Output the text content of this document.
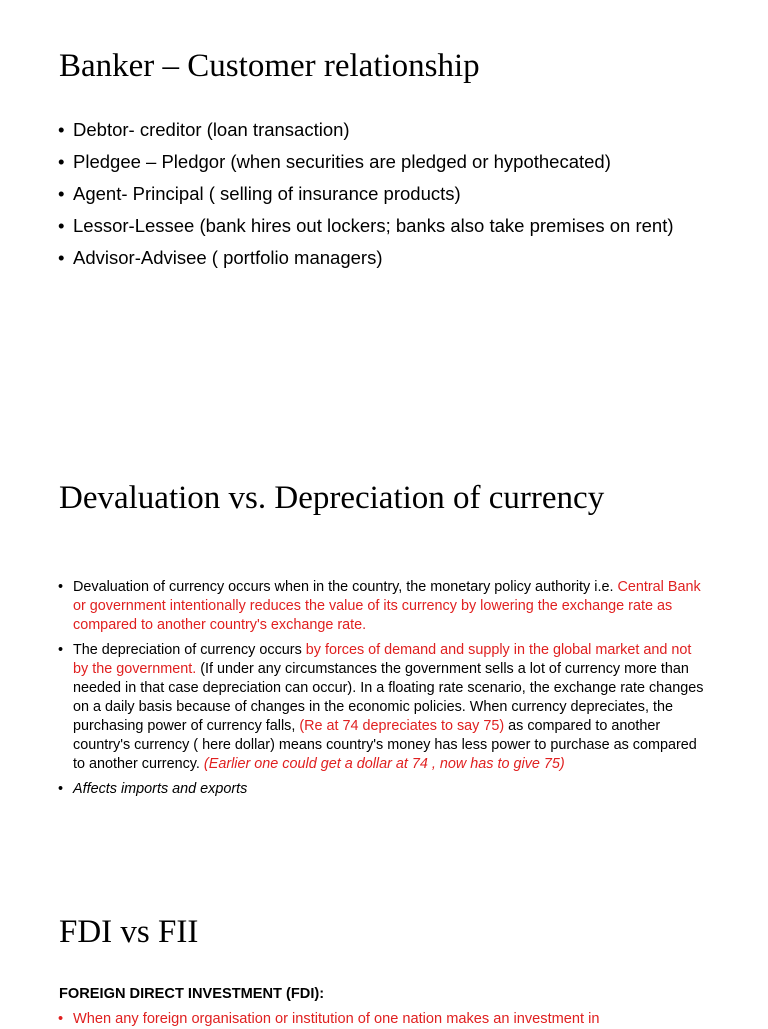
Banker – Customer relationship
• Debtor- creditor (loan transaction)
• Pledgee – Pledgor (when securities are pledged or hypothecated)
• Agent- Principal ( selling of insurance products)
• Lessor-Lessee (bank hires out lockers; banks also take premises on rent)
• Advisor-Advisee ( portfolio managers)
Devaluation vs. Depreciation of currency
• Devaluation of currency occurs when in the country, the monetary policy authority i.e. Central Bank or government intentionally reduces the value of its currency by lowering the exchange rate as compared to another country's exchange rate.
• The depreciation of currency occurs by forces of demand and supply in the global market and not by the government. (If under any circumstances the government sells a lot of currency more than needed in that case depreciation can occur). In a floating rate scenario, the exchange rate changes on a daily basis because of changes in the economic policies. When currency depreciates, the purchasing power of currency falls, (Re at 74 depreciates to say 75) as compared to another country's currency ( here dollar) means country's money has less power to purchase as compared to another currency. (Earlier one could get a dollar at 74 , now has to give 75)
• Affects imports and exports
FDI vs FII

FOREIGN DIRECT INVESTMENT (FDI):

• When any foreign organisation or institution of one nation makes an investment in
